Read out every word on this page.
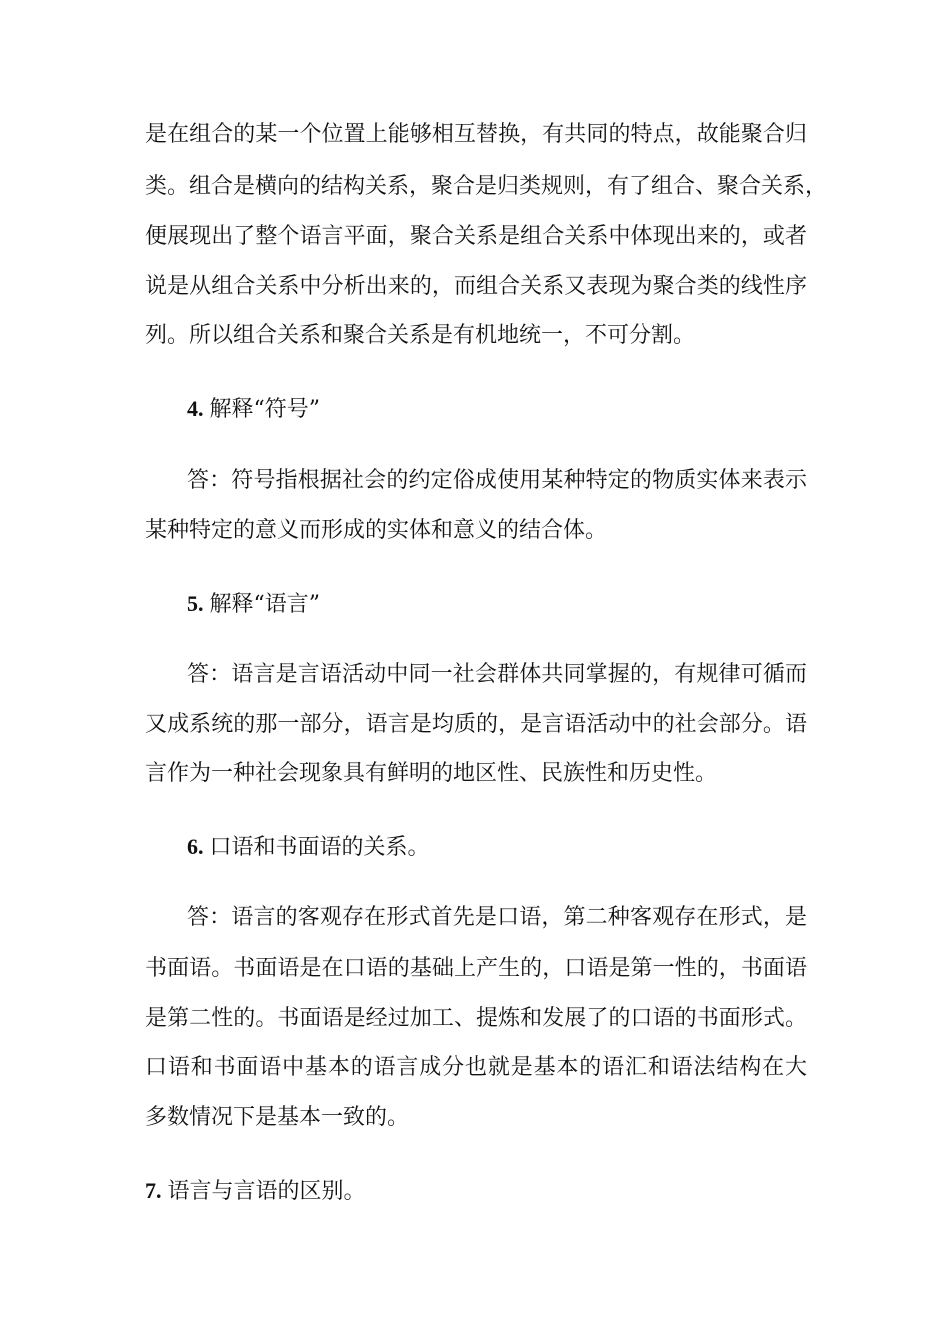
是在组合的某一个位置上能够相互替换，有共同的特点，故能聚合归
类。组合是横向的结构关系，聚合是归类规则，有了组合、聚合关系，
便展现出了整个语言平面，聚合关系是组合关系中体现出来的，或者
说是从组合关系中分析出来的，而组合关系又表现为聚合类的线性序
列。所以组合关系和聚合关系是有机地统一，不可分割。
4. 解释“符号”
答：符号指根据社会的约定俗成使用某种特定的物质实体来表示
某种特定的意义而形成的实体和意义的结合体。
5. 解释“语言”
答：语言是言语活动中同一社会群体共同掌握的，有规律可循而
又成系统的那一部分，语言是均质的，是言语活动中的社会部分。语
言作为一种社会现象具有鲜明的地区性、民族性和历史性。
6. 口语和书面语的关系。
答：语言的客观存在形式首先是口语，第二种客观存在形式，是
书面语。书面语是在口语的基础上产生的，口语是第一性的，书面语
是第二性的。书面语是经过加工、提炼和发展了的口语的书面形式。
口语和书面语中基本的语言成分也就是基本的语汇和语法结构在大
多数情况下是基本一致的。
7. 语言与言语的区别。
